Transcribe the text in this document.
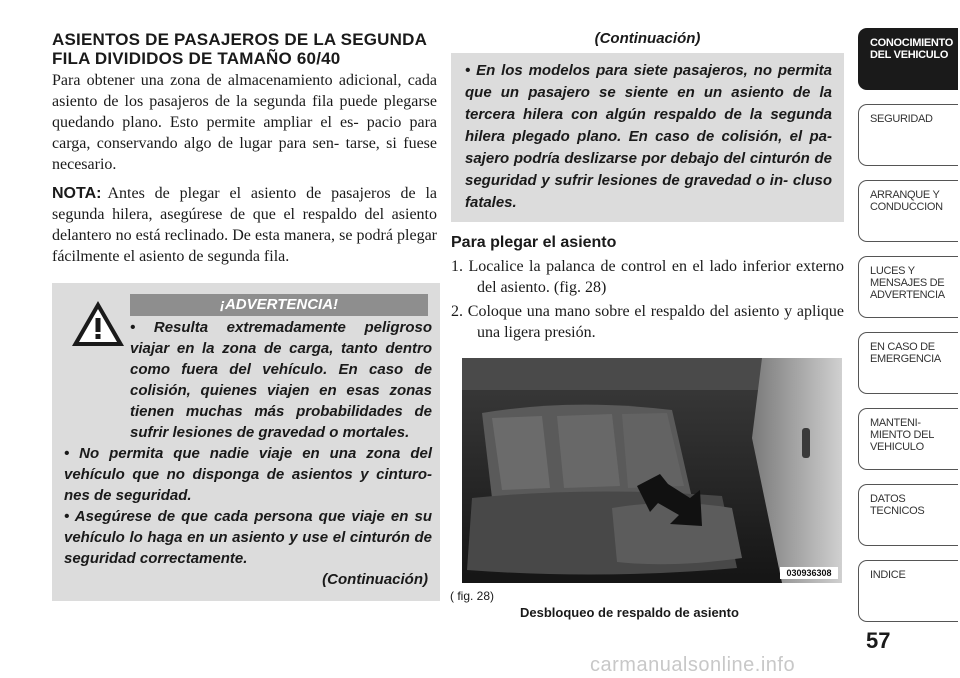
ASIENTOS DE PASAJEROS DE LA SEGUNDA FILA DIVIDIDOS DE TAMAÑO 60/40

Para obtener una zona de almacenamiento adicional, cada asiento de los pasajeros de la segunda fila puede plegarse quedando plano. Esto permite ampliar el es- pacio para carga, conservando algo de lugar para sen- tarse, si fuese necesario.

NOTA: Antes de plegar el asiento de pasajeros de la segunda hilera, asegúrese de que el respaldo del asiento delantero no está reclinado. De esta manera, se podrá plegar fácilmente el asiento de segunda fila.

¡ADVERTENCIA!
• Resulta extremadamente peligroso viajar en la zona de carga, tanto dentro como fuera del vehículo. En caso de colisión, quienes viajen en esas zonas tienen muchas más probabilidades de sufrir lesiones de gravedad o mortales.
• No permita que nadie viaje en una zona del vehículo que no disponga de asientos y cinturo- nes de seguridad.
• Asegúrese de que cada persona que viaje en su vehículo lo haga en un asiento y use el cinturón de seguridad correctamente.
(Continuación)

(Continuación)

• En los modelos para siete pasajeros, no permita que un pasajero se siente en un asiento de la tercera hilera con algún respaldo de la segunda hilera plegado plano. En caso de colisión, el pa- sajero podría deslizarse por debajo del cinturón de seguridad y sufrir lesiones de gravedad o in- cluso fatales.

Para plegar el asiento
1. Localice la palanca de control en el lado inferior externo del asiento. (fig. 28)
2. Coloque una mano sobre el respaldo del asiento y aplique una ligera presión.
030936308
( fig. 28)
Desbloqueo de respaldo de asiento
CONOCIMIENTO DEL VEHICULO
SEGURIDAD
ARRANQUE Y CONDUCCION
LUCES Y MENSAJES DE ADVERTENCIA
EN CASO DE EMERGENCIA
MANTENI- MIENTO DEL VEHICULO
DATOS TECNICOS
INDICE
57
carmanualsonline.info
